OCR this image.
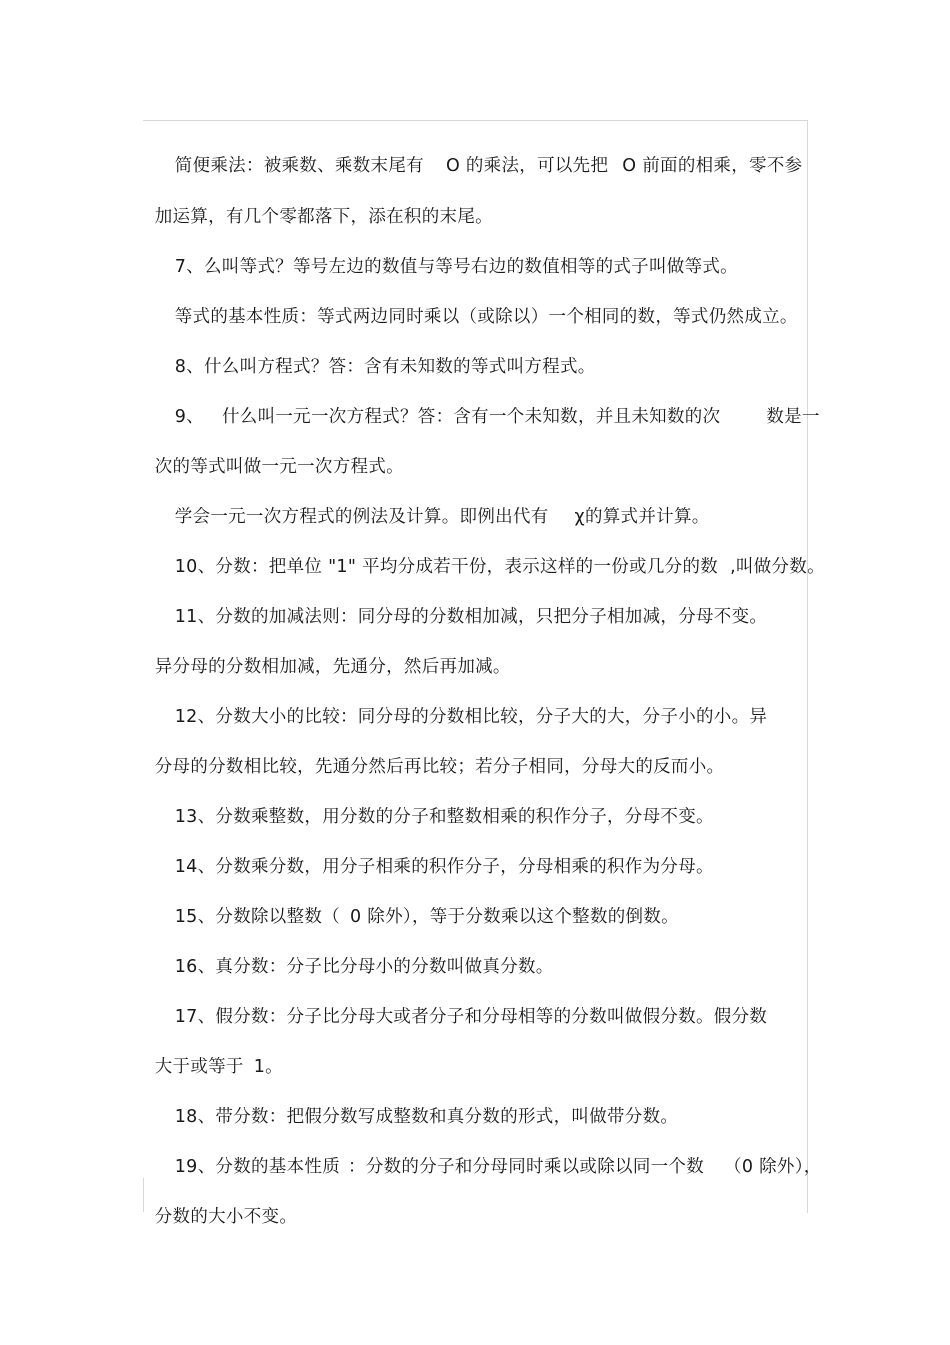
简便乘法：被乘数、乘数末尾有 O 的乘法，可以先把 O 前面的相乘，零不参

加运算，有几个零都落下，添在积的末尾。

7、么叫等式？等号左边的数值与等号右边的数值相等的式子叫做等式。

等式的基本性质：等式两边同时乘以（或除以）一个相同的数，等式仍然成立。

8、什么叫方程式？答：含有未知数的等式叫方程式。

9、 什么叫一元一次方程式？答：含有一个未知数，并且未知数的次	数是一

次的等式叫做一元一次方程式。

学会一元一次方程式的例法及计算。即例出代有 χ的算式并计算。

10、分数：把单位 "1" 平均分成若干份，表示这样的一份或几分的数 ,叫做分数。

11、分数的加减法则：同分母的分数相加减，只把分子相加减，分母不变。

异分母的分数相加减，先通分，然后再加减。

12、分数大小的比较：同分母的分数相比较，分子大的大，分子小的小。异

分母的分数相比较，先通分然后再比较；若分子相同，分母大的反而小。

13、分数乘整数，用分数的分子和整数相乘的积作分子，分母不变。

14、分数乘分数，用分子相乘的积作分子，分母相乘的积作为分母。

15、分数除以整数（ 0 除外），等于分数乘以这个整数的倒数。

16、真分数：分子比分母小的分数叫做真分数。

17、假分数：分子比分母大或者分子和分母相等的分数叫做假分数。假分数

大于或等于 1。

18、带分数：把假分数写成整数和真分数的形式，叫做带分数。

19、分数的基本性质 ：分数的分子和分母同时乘以或除以同一个数 （0 除外），

分数的大小不变。
